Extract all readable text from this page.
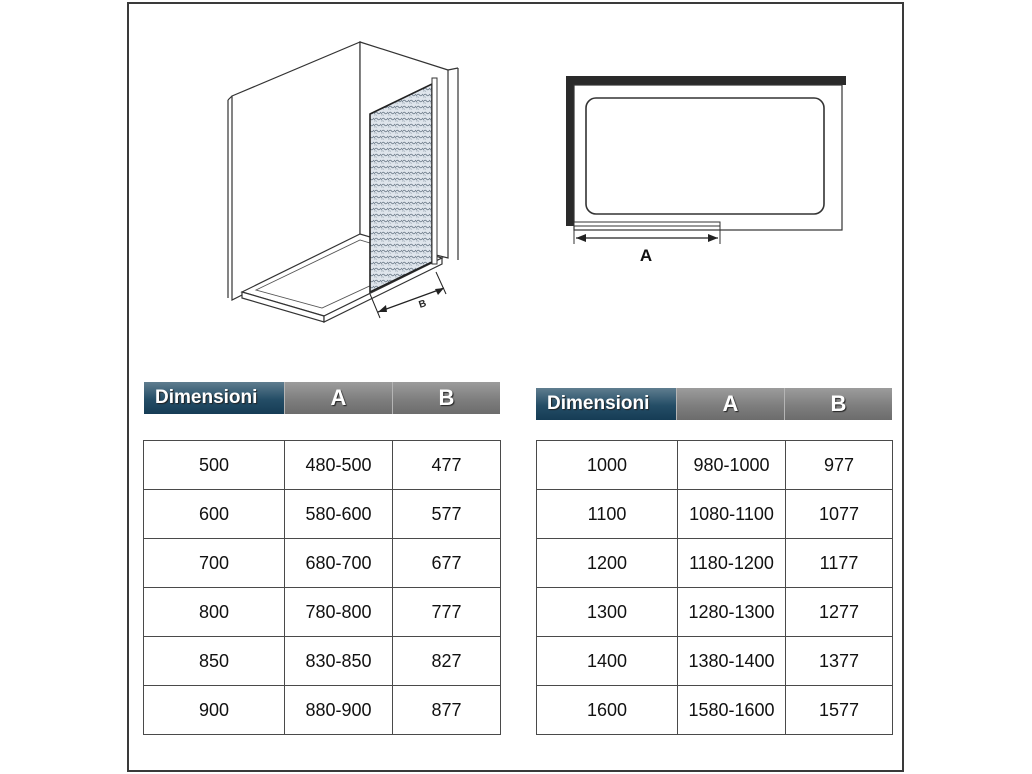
B
A
Dimensioni	A	B	Dimensioni	A	B
500	480-500	477
600	580-600	577
700	680-700	677
800	780-800	777
850	830-850	827
900	880-900	877
1000	980-1000	977
1100	1080-1100	1077
1200	1180-1200	1177
1300	1280-1300	1277
1400	1380-1400	1377
1600	1580-1600	1577
